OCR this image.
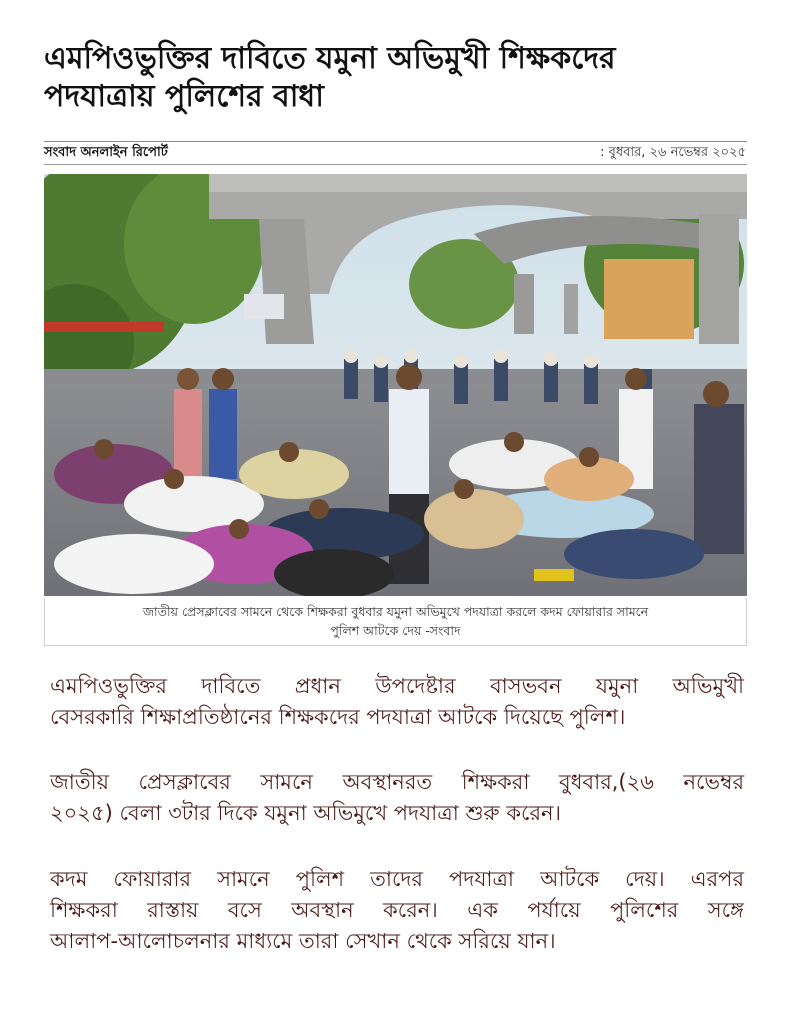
এমপিওভুক্তির দাবিতে যমুনা অভিমুখী শিক্ষকদের
পদযাত্রায় পুলিশের বাধা
সংবাদ অনলাইন রিপোর্ট	: বুধবার, ২৬ নভেম্বর ২০২৫
জাতীয় প্রেসক্লাবের সামনে থেকে শিক্ষকরা বুধবার যমুনা অভিমুখে পদযাত্রা করলে কদম ফোয়ারার সামনে
পুলিশ আটকে দেয় -সংবাদ

এমপিওভুক্তির দাবিতে প্রধান উপদেষ্টার বাসভবন যমুনা অভিমুখী
বেসরকারি শিক্ষাপ্রতিষ্ঠানের শিক্ষকদের পদযাত্রা আটকে দিয়েছে পুলিশ।

জাতীয় প্রেসক্লাবের সামনে অবস্থানরত শিক্ষকরা বুধবার,(২৬ নভেম্বর
২০২৫) বেলা ৩টার দিকে যমুনা অভিমুখে পদযাত্রা শুরু করেন।

কদম ফোয়ারার সামনে পুলিশ তাদের পদযাত্রা আটকে দেয়। এরপর
শিক্ষকরা রাস্তায় বসে অবস্থান করেন। এক পর্যায়ে পুলিশের সঙ্গে
আলাপ-আলোচলনার মাধ্যমে তারা সেখান থেকে সরিয়ে যান।
